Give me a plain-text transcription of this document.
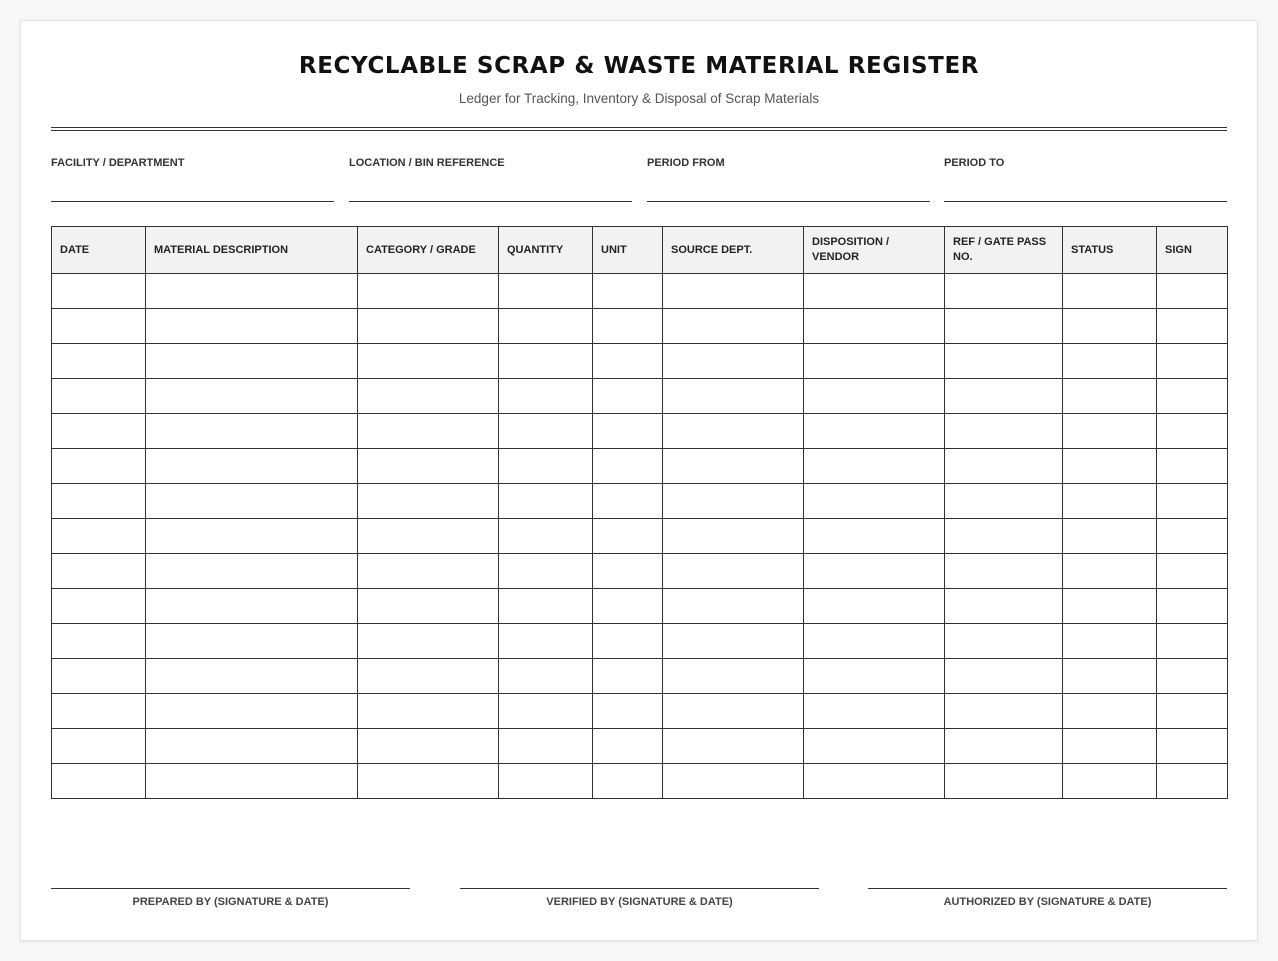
RECYCLABLE SCRAP & WASTE MATERIAL REGISTER
Ledger for Tracking, Inventory & Disposal of Scrap Materials
FACILITY / DEPARTMENT	LOCATION / BIN REFERENCE	PERIOD FROM	PERIOD TO
DATE	MATERIAL DESCRIPTION	CATEGORY / GRADE	QUANTITY	UNIT	SOURCE DEPT.	DISPOSITION / VENDOR	REF / GATE PASS NO.	STATUS	SIGN

PREPARED BY (SIGNATURE & DATE)	VERIFIED BY (SIGNATURE & DATE)	AUTHORIZED BY (SIGNATURE & DATE)
